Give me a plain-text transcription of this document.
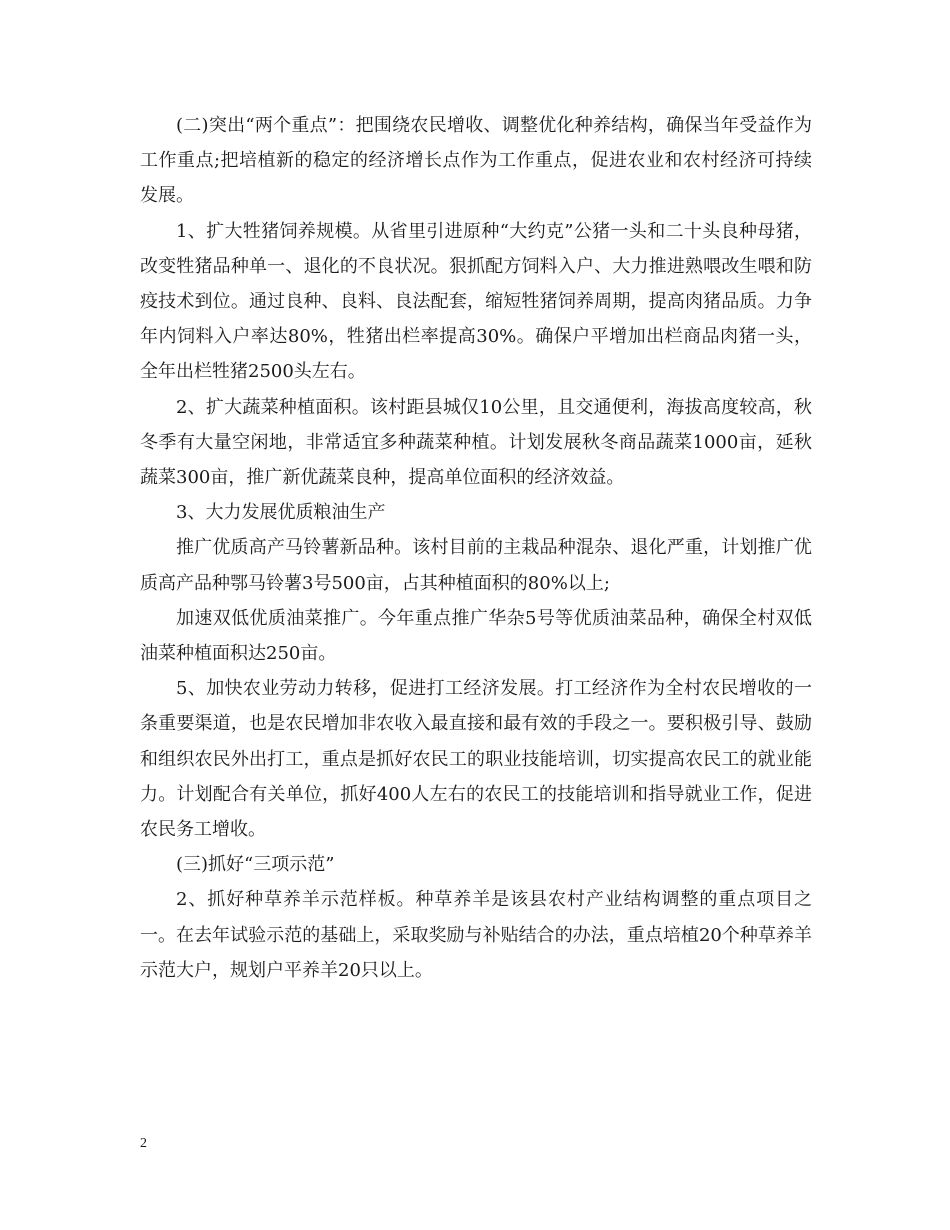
(二)突出“两个重点”：把围绕农民增收、调整优化种养结构，确保当年受益作为工作重点;把培植新的稳定的经济增长点作为工作重点，促进农业和农村经济可持续发展。

1、扩大牲猪饲养规模。从省里引进原种“大约克”公猪一头和二十头良种母猪，改变牲猪品种单一、退化的不良状况。狠抓配方饲料入户、大力推进熟喂改生喂和防疫技术到位。通过良种、良料、良法配套，缩短牲猪饲养周期，提高肉猪品质。力争年内饲料入户率达80%，牲猪出栏率提高30%。确保户平增加出栏商品肉猪一头，全年出栏牲猪2500头左右。

2、扩大蔬菜种植面积。该村距县城仅10公里，且交通便利，海拔高度较高，秋冬季有大量空闲地，非常适宜多种蔬菜种植。计划发展秋冬商品蔬菜1000亩，延秋蔬菜300亩，推广新优蔬菜良种，提高单位面积的经济效益。

3、大力发展优质粮油生产

推广优质高产马铃薯新品种。该村目前的主栽品种混杂、退化严重，计划推广优质高产品种鄂马铃薯3号500亩，占其种植面积的80%以上;

加速双低优质油菜推广。今年重点推广华杂5号等优质油菜品种，确保全村双低油菜种植面积达250亩。

5、加快农业劳动力转移，促进打工经济发展。打工经济作为全村农民增收的一条重要渠道，也是农民增加非农收入最直接和最有效的手段之一。要积极引导、鼓励和组织农民外出打工，重点是抓好农民工的职业技能培训，切实提高农民工的就业能力。计划配合有关单位，抓好400人左右的农民工的技能培训和指导就业工作，促进农民务工增收。

(三)抓好“三项示范”

2、抓好种草养羊示范样板。种草养羊是该县农村产业结构调整的重点项目之一。在去年试验示范的基础上，采取奖励与补贴结合的办法，重点培植20个种草养羊示范大户，规划户平养羊20只以上。

2
